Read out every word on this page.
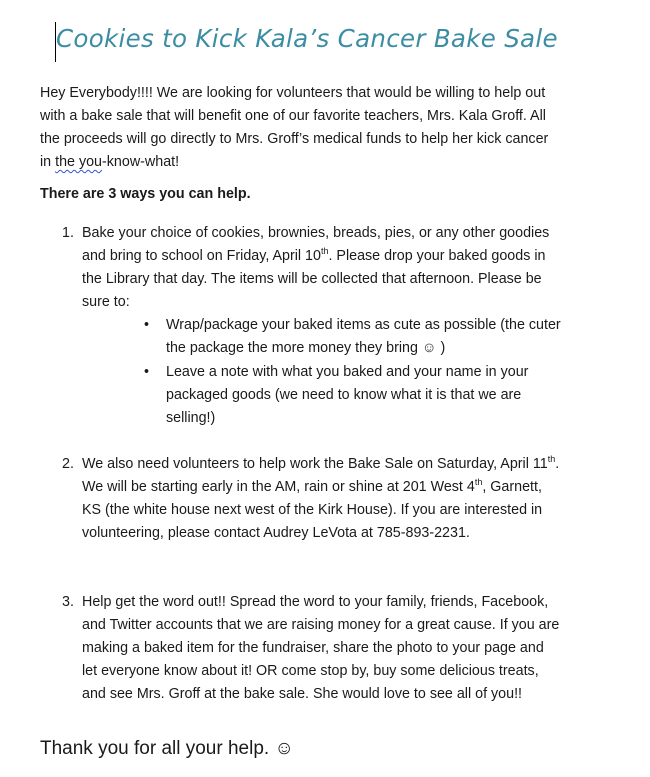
Cookies to Kick Kala’s Cancer Bake Sale
Hey Everybody!!!! We are looking for volunteers that would be willing to help out
with a bake sale that will benefit one of our favorite teachers, Mrs. Kala Groff. All
the proceeds will go directly to Mrs. Groff’s medical funds to help her kick cancer
in the you-know-what!
There are 3 ways you can help.
1. Bake your choice of cookies, brownies, breads, pies, or any other goodies
and bring to school on Friday, April 10th. Please drop your baked goods in
the Library that day. The items will be collected that afternoon. Please be
sure to:
• Wrap/package your baked items as cute as possible (the cuter
the package the more money they bring ☺ )
• Leave a note with what you baked and your name in your
packaged goods (we need to know what it is that we are
selling!)
2. We also need volunteers to help work the Bake Sale on Saturday, April 11th.
We will be starting early in the AM, rain or shine at 201 West 4th, Garnett,
KS (the white house next west of the Kirk House). If you are interested in
volunteering, please contact Audrey LeVota at 785-893-2231.
3. Help get the word out!! Spread the word to your family, friends, Facebook,
and Twitter accounts that we are raising money for a great cause. If you are
making a baked item for the fundraiser, share the photo to your page and
let everyone know about it! OR come stop by, buy some delicious treats,
and see Mrs. Groff at the bake sale. She would love to see all of you!!
Thank you for all your help. ☺
